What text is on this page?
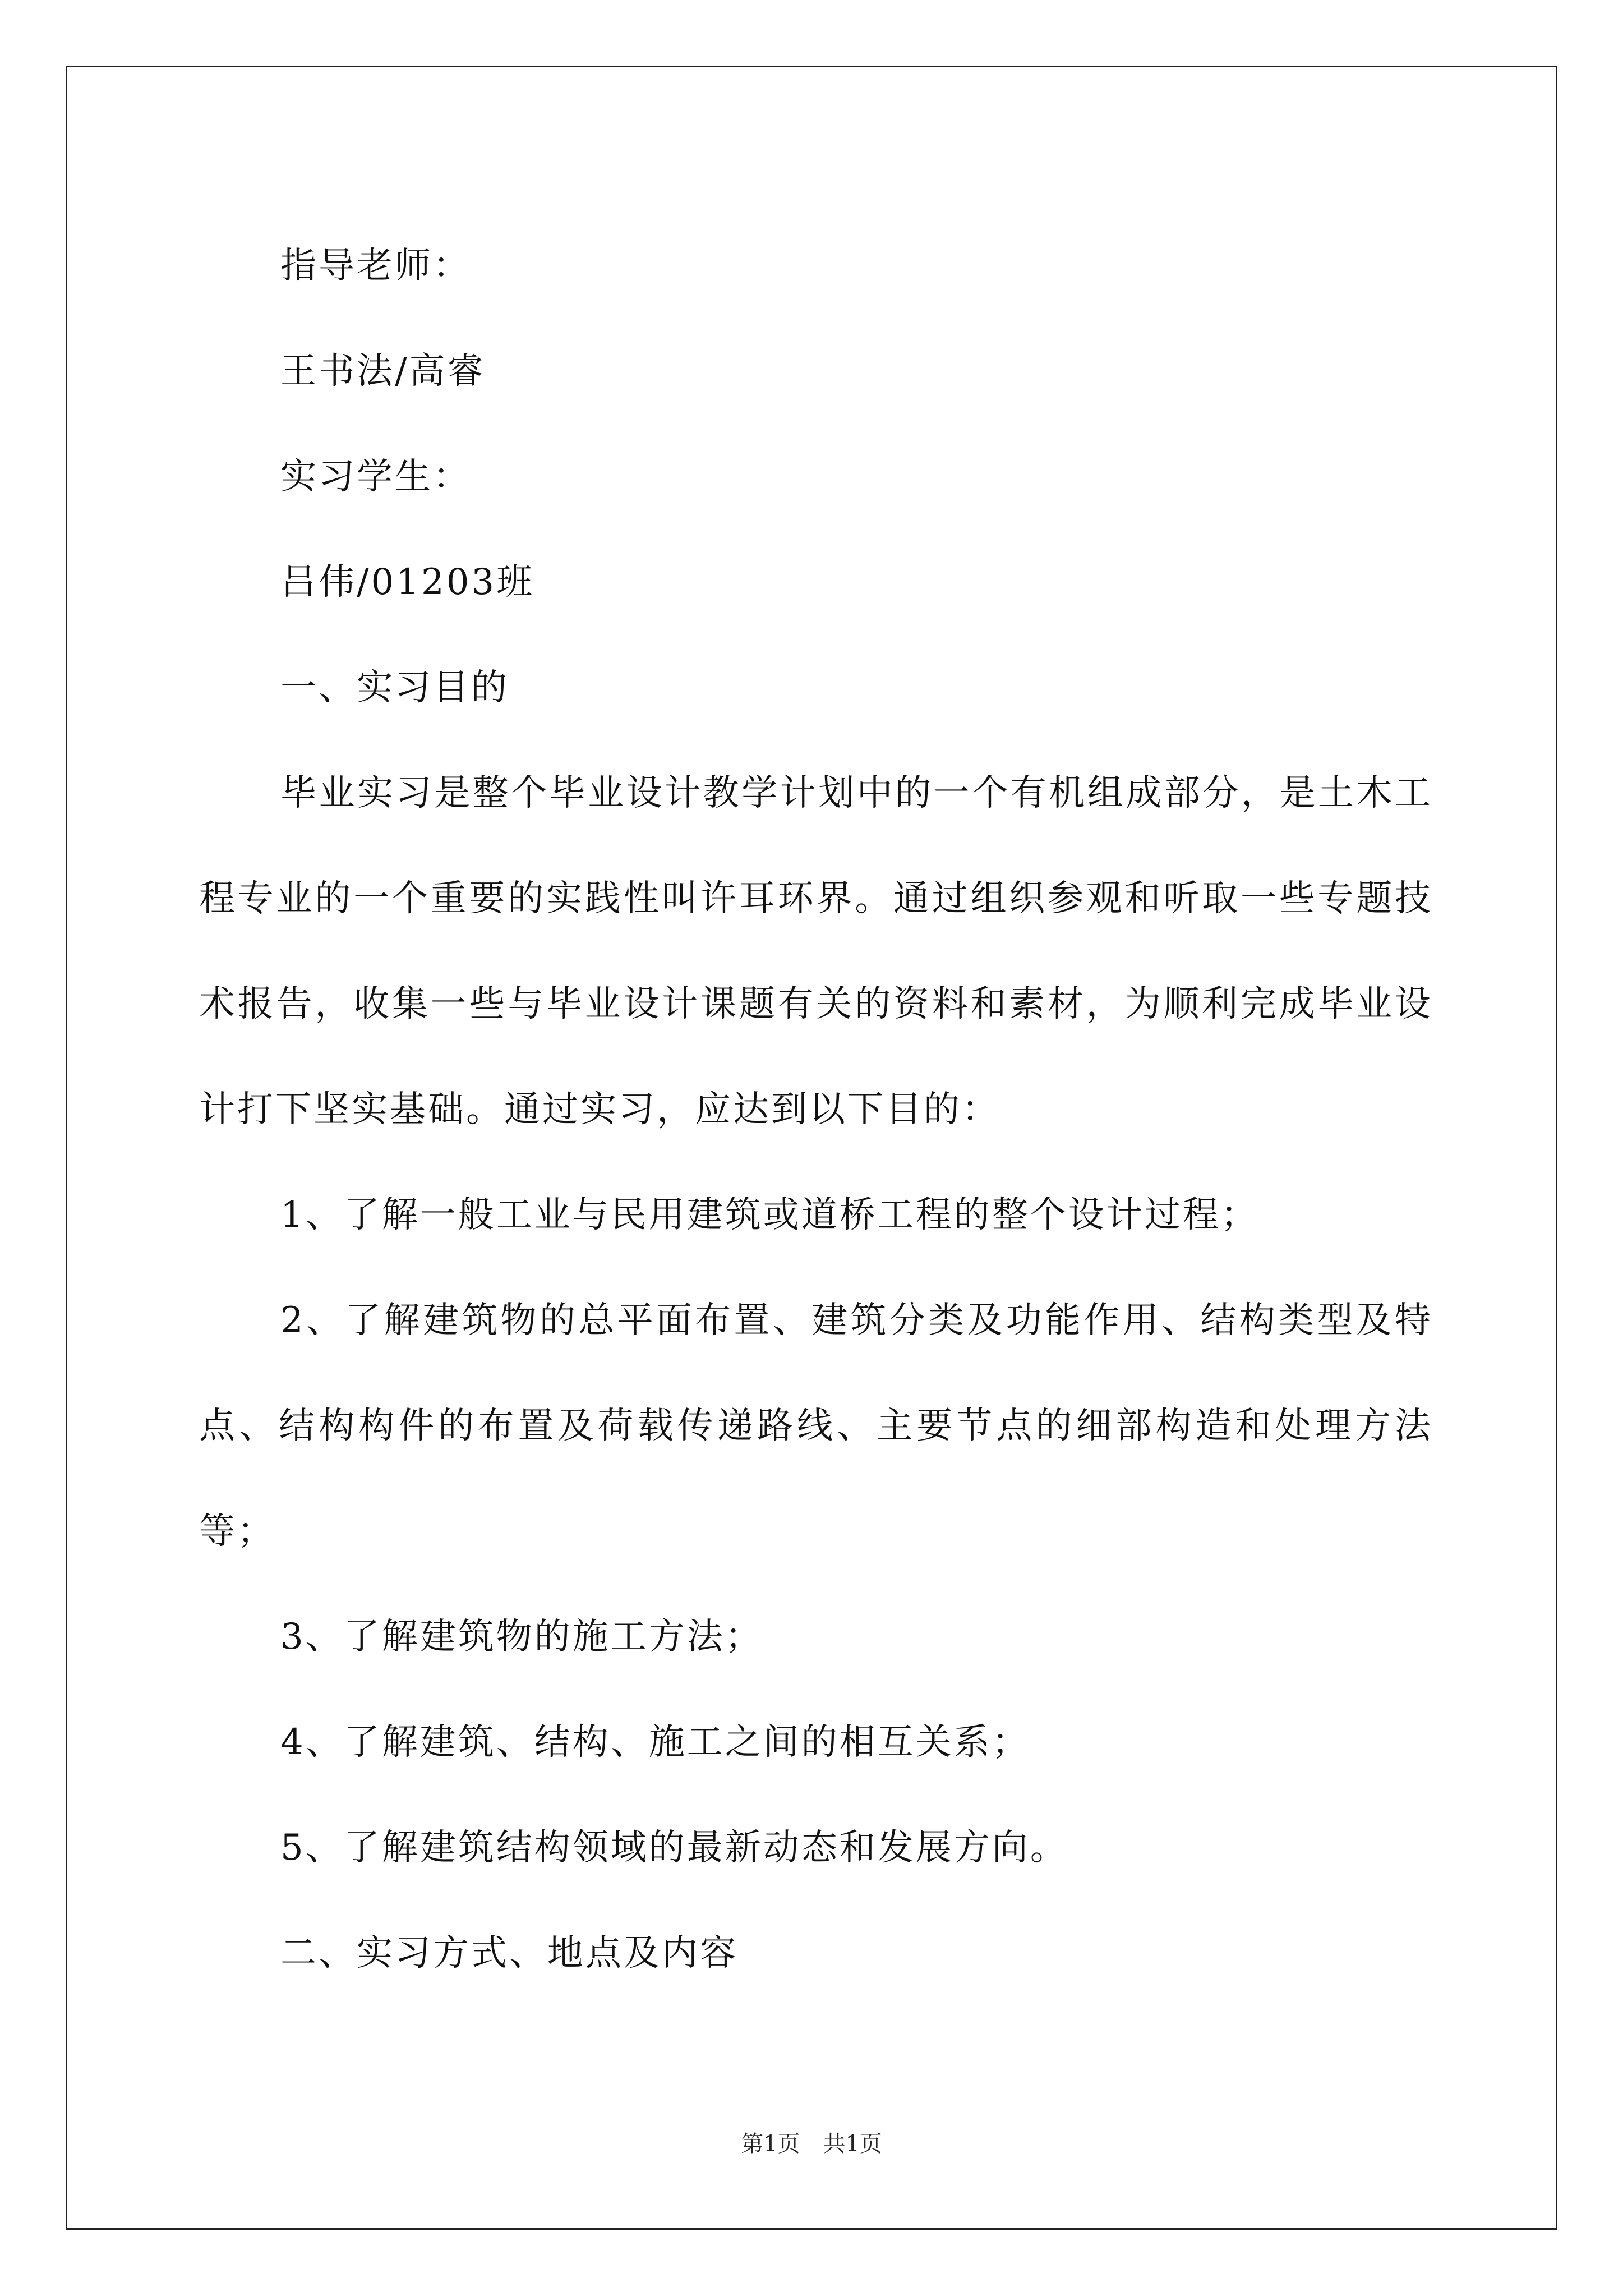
指导老师：

王书法/高睿

实习学生：

吕伟/01203班

一、实习目的

毕业实习是整个毕业设计教学计划中的一个有机组成部分，是土木工程专业的一个重要的实践性叫许耳环界。通过组织参观和听取一些专题技术报告，收集一些与毕业设计课题有关的资料和素材，为顺利完成毕业设计打下坚实基础。通过实习，应达到以下目的：

1、了解一般工业与民用建筑或道桥工程的整个设计过程；

2、了解建筑物的总平面布置、建筑分类及功能作用、结构类型及特点、结构构件的布置及荷载传递路线、主要节点的细部构造和处理方法等；

3、了解建筑物的施工方法；

4、了解建筑、结构、施工之间的相互关系；

5、了解建筑结构领域的最新动态和发展方向。

二、实习方式、地点及内容

第1页 共1页
